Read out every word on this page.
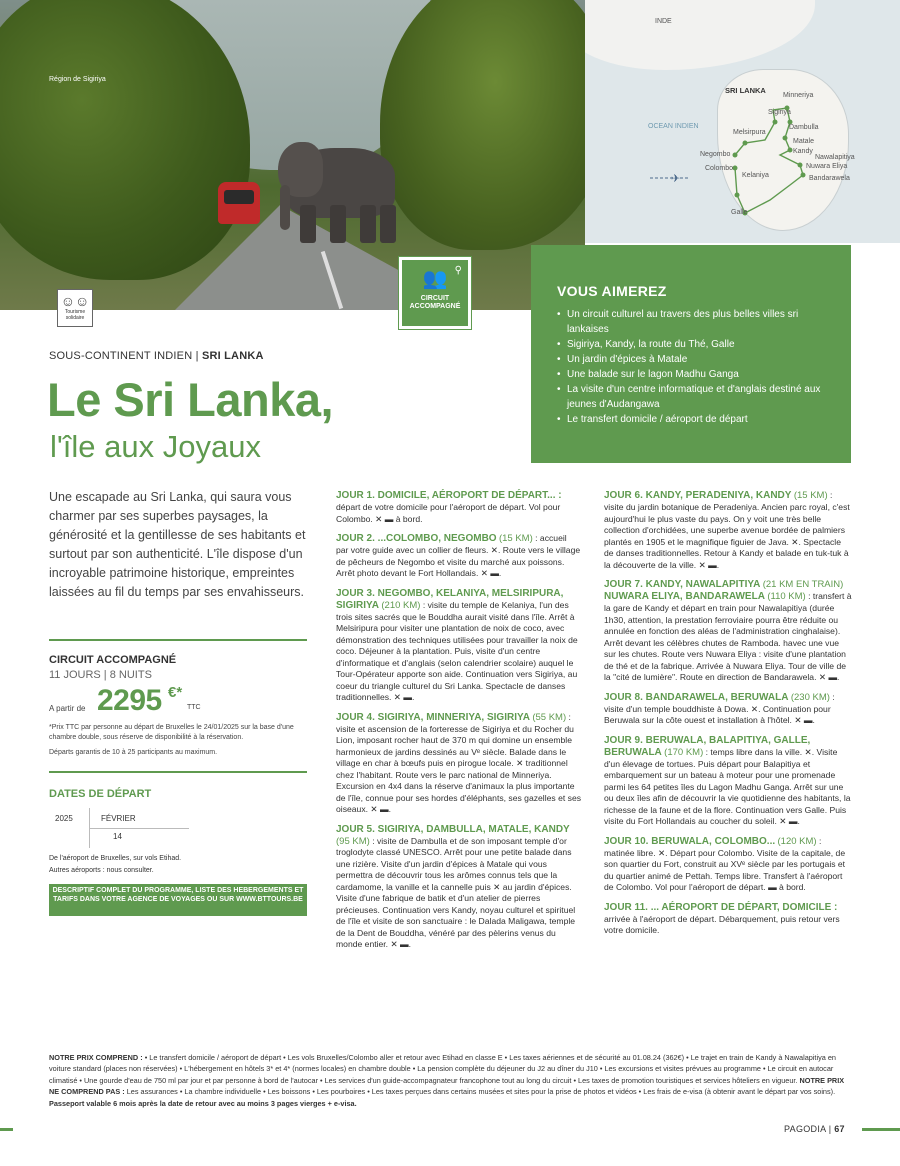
Région de Sigiriya
✈
INDE
SRI LANKA
OCEAN INDIEN
Minneriya
Sigiriya
Dambulla
Melsirpura
Matale
Kandy
Negombo	Nawalapitiya
Colombo	Nuwara Eliya
Kelaniya	Bandarawela
Galle
☺☺
Tourisme
solidaire
⚲
👥
CIRCUIT
ACCOMPAGNÉ
VOUS AIMEREZ
• Un circuit culturel au travers des plus belles villes sri lankaises
• Sigiriya, Kandy, la route du Thé, Galle
• Un jardin d'épices à Matale
• Une balade sur le lagon Madhu Ganga
• La visite d'un centre informatique et d'anglais destiné aux jeunes d'Audangawa
• Le transfert domicile / aéroport de départ
SOUS-CONTINENT INDIEN | SRI LANKA
Le Sri Lanka,
l'île aux Joyaux
Une escapade au Sri Lanka, qui saura vous charmer par ses superbes paysages, la générosité et la gentillesse de ses habitants et surtout par son authenticité. L'île dispose d'un incroyable patrimoine historique, empreintes laissées au fil du temps par ses envahisseurs.
CIRCUIT ACCOMPAGNÉ
11 JOURS | 8 NUITS
A partir de 2295 €*
TTC
*Prix TTC par personne au départ de Bruxelles le 24/01/2025 sur la base d'une chambre double, sous réserve de disponibilité à la réservation.
Départs garantis de 10 à 25 participants au maximum.
DATES DE DÉPART
2025	FÉVRIER
14
De l'aéroport de Bruxelles, sur vols Etihad.
Autres aéroports : nous consulter.
DESCRIPTIF COMPLET DU PROGRAMME, LISTE DES HEBERGEMENTS ET TARIFS DANS VOTRE AGENCE DE VOYAGES OU SUR WWW.BTTOURS.BE
JOUR 1. DOMICILE, AÉROPORT DE DÉPART... : départ de votre domicile pour l'aéroport de départ. Vol pour Colombo. ✕ ▬ à bord.
JOUR 2. ...COLOMBO, NEGOMBO (15 KM) : accueil par votre guide avec un collier de fleurs. ✕. Route vers le village de pêcheurs de Negombo et visite du marché aux poissons. Arrêt photo devant le Fort Hollandais. ✕ ▬.
JOUR 3. NEGOMBO, KELANIYA, MELSIRIPURA, SIGIRIYA (210 KM) : visite du temple de Kelaniya, l'un des trois sites sacrés que le Bouddha aurait visité dans l'île. Arrêt à Melsiripura pour visiter une plantation de noix de coco, avec démonstration des techniques utilisées pour travailler la noix de coco. Déjeuner à la plantation. Puis, visite d'un centre d'informatique et d'anglais (selon calendrier scolaire) auquel le Tour-Opérateur apporte son aide. Continuation vers Sigiriya, au coeur du triangle culturel du Sri Lanka. Spectacle de danses traditionnelles. ✕ ▬.
JOUR 4. SIGIRIYA, MINNERIYA, SIGIRIYA (55 KM) : visite et ascension de la forteresse de Sigiriya et du Rocher du Lion, imposant rocher haut de 370 m qui domine un ensemble harmonieux de jardins dessinés au Vᵉ siècle. Balade dans le village en char à bœufs puis en pirogue locale. ✕ traditionnel chez l'habitant. Route vers le parc national de Minneriya. Excursion en 4x4 dans la réserve d'animaux la plus importante de l'île, connue pour ses hordes d'éléphants, ses gazelles et ses oiseaux. ✕ ▬.
JOUR 5. SIGIRIYA, DAMBULLA, MATALE, KANDY (95 KM) : visite de Dambulla et de son imposant temple d'or troglodyte classé UNESCO. Arrêt pour une petite balade dans une rizière. Visite d'un jardin d'épices à Matale qui vous permettra de découvrir tous les arômes connus tels que la cardamome, la vanille et la cannelle puis ✕ au jardin d'épices. Visite d'une fabrique de batik et d'un atelier de pierres précieuses. Continuation vers Kandy, noyau culturel et spirituel de l'île et visite de son sanctuaire : le Dalada Maligawa, temple de la Dent de Bouddha, vénéré par des pèlerins venus du monde entier. ✕ ▬.
JOUR 6. KANDY, PERADENIYA, KANDY (15 KM) : visite du jardin botanique de Peradeniya. Ancien parc royal, c'est aujourd'hui le plus vaste du pays. On y voit une très belle collection d'orchidées, une superbe avenue bordée de palmiers plantés en 1905 et le magnifique figuier de Java. ✕. Spectacle de danses traditionnelles. Retour à Kandy et balade en tuk-tuk à la découverte de la ville. ✕ ▬.
JOUR 7. KANDY, NAWALAPITIYA (21 KM EN TRAIN) NUWARA ELIYA, BANDARAWELA (110 KM) : transfert à la gare de Kandy et départ en train pour Nawalapitiya (durée 1h30, attention, la prestation ferroviaire pourra être réduite ou annulée en fonction des aléas de l'administration cinghalaise). Arrêt devant les célèbres chutes de Ramboda. havec une vue sur les chutes. Route vers Nuwara Eliya : visite d'une plantation de thé et de la fabrique. Arrivée à Nuwara Eliya. Tour de ville de la "cité de lumière". Route en direction de Bandarawela. ✕ ▬.
JOUR 8. BANDARAWELA, BERUWALA (230 KM) : visite d'un temple bouddhiste à Dowa. ✕. Continuation pour Beruwala sur la côte ouest et installation à l'hôtel. ✕ ▬.
JOUR 9. BERUWALA, BALAPITIYA, GALLE, BERUWALA (170 KM) : temps libre dans la ville. ✕. Visite d'un élevage de tortues. Puis départ pour Balapitiya et embarquement sur un bateau à moteur pour une promenade parmi les 64 petites îles du Lagon Madhu Ganga. Arrêt sur une ou deux îles afin de découvrir la vie quotidienne des habitants, la richesse de la faune et de la flore. Continuation vers Galle. Puis visite du Fort Hollandais au coucher du soleil. ✕ ▬.
JOUR 10. BERUWALA, COLOMBO... (120 KM) : matinée libre. ✕. Départ pour Colombo. Visite de la capitale, de son quartier du Fort, construit au XVᵉ siècle par les portugais et du quartier animé de Pettah. Temps libre. Transfert à l'aéroport de Colombo. Vol pour l'aéroport de départ. ▬ à bord.
JOUR 11. ... AÉROPORT DE DÉPART, DOMICILE : arrivée à l'aéroport de départ. Débarquement, puis retour vers votre domicile.
NOTRE PRIX COMPREND : • Le transfert domicile / aéroport de départ • Les vols Bruxelles/Colombo aller et retour avec Etihad en classe E • Les taxes aériennes et de sécurité au 01.08.24 (362€) • Le trajet en train de Kandy à Nawalapitiya en voiture standard (places non réservées) • L'hébergement en hôtels 3* et 4* (normes locales) en chambre double • La pension complète du déjeuner du J2 au dîner du J10 • Les excursions et visites prévues au programme • Le circuit en autocar climatisé • Une gourde d'eau de 750 ml par jour et par personne à bord de l'autocar • Les services d'un guide-accompagnateur francophone tout au long du circuit • Les taxes de promotion touristiques et services hôteliers en vigueur. NOTRE PRIX NE COMPREND PAS : Les assurances • La chambre individuelle • Les boissons • Les pourboires • Les taxes perçues dans certains musées et sites pour la prise de photos et vidéos • Les frais de e-visa (à obtenir avant le départ par vos soins). Passeport valable 6 mois après la date de retour avec au moins 3 pages vierges + e-visa.
PAGODIA | 67
